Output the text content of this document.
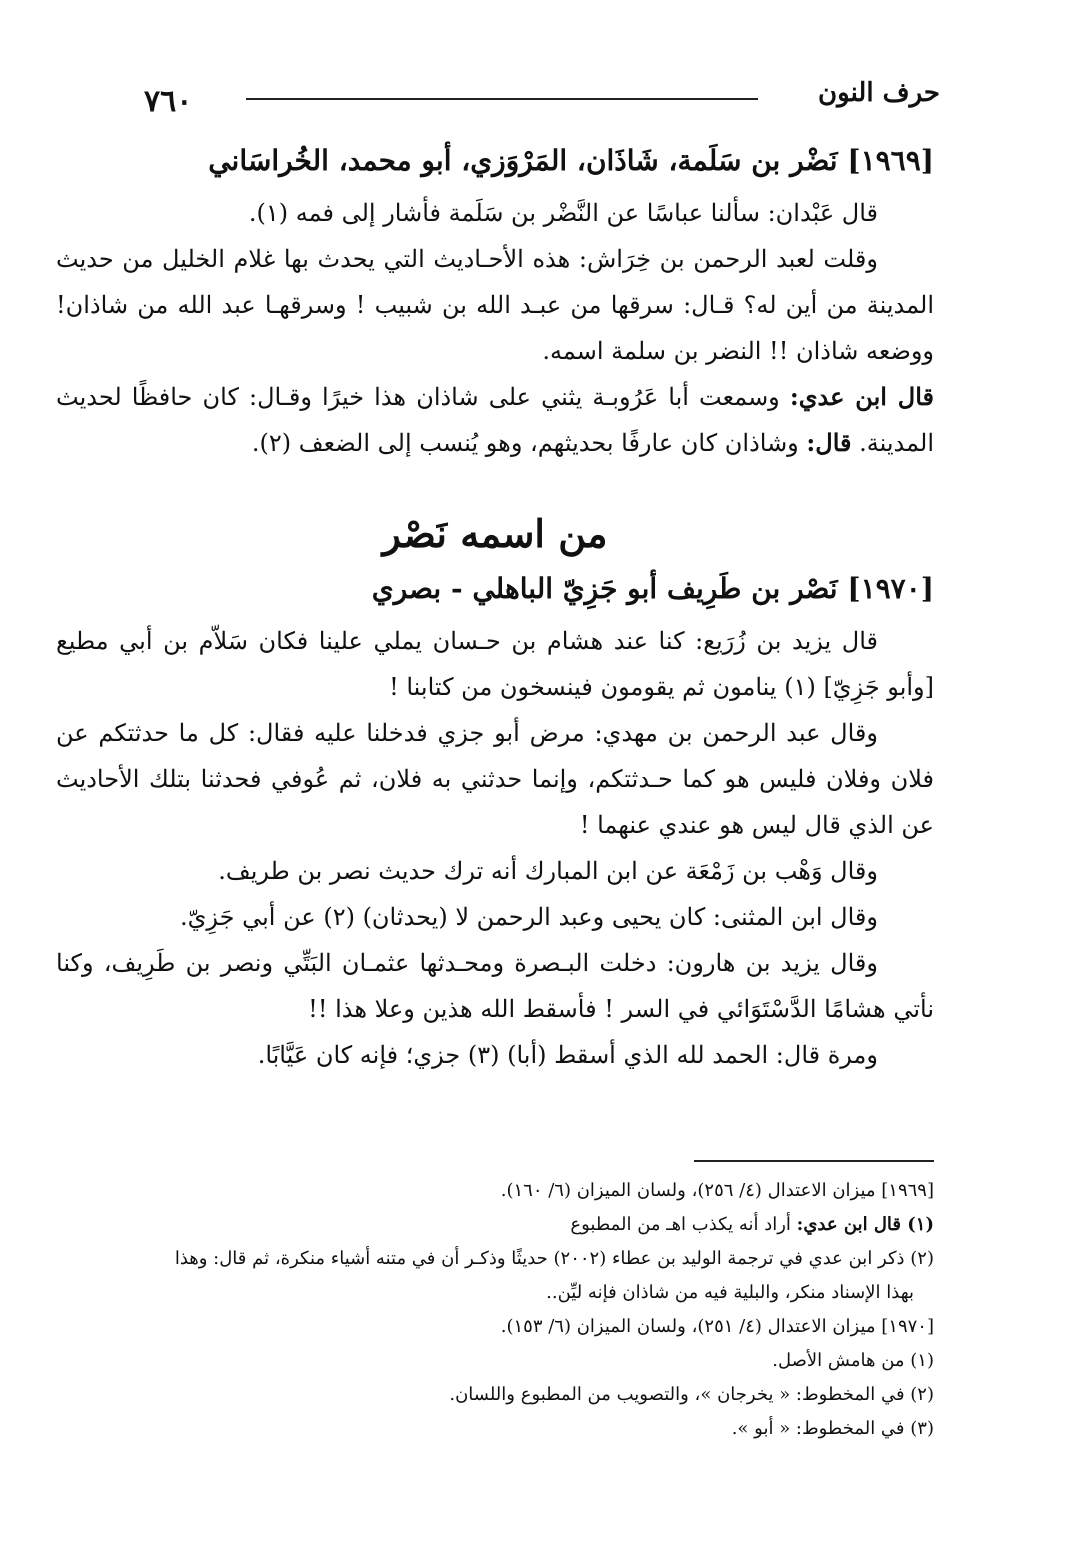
حرف النون
٧٦٠

[١٩٦٩] نَضْر بن سَلَمة، شَاذَان، المَرْوَزي، أبو محمد، الخُراسَاني

قال عَبْدان: سألنا عباسًا عن النَّضْر بن سَلَمة فأشار إلى فمه (١).

وقلت لعبد الرحمن بن خِرَاش: هذه الأحـاديث التي يحدث بها غلام الخليل من حديث المدينة من أين له؟ قـال: سرقها من عبـد الله بن شبيب ! وسرقهـا عبد الله من شاذان! ووضعه شاذان !! النضر بن سلمة اسمه.

قال ابن عدي: وسمعت أبا عَرُوبـة يثني على شاذان هذا خيرًا وقـال: كان حافظًا لحديث المدينة. قال: وشاذان كان عارفًا بحديثهم، وهو يُنسب إلى الضعف (٢).

من اسمه نَصْر

[١٩٧٠] نَصْر بن طَرِيف أبو جَزِيّ الباهلي - بصري

قال يزيد بن زُرَيع: كنا عند هشام بن حـسان يملي علينا فكان سَلاّم بن أبي مطيع [وأبو جَزِيّ] (١) ينامون ثم يقومون فينسخون من كتابنا !

وقال عبد الرحمن بن مهدي: مرض أبو جزي فدخلنا عليه فقال: كل ما حدثتكم عن فلان وفلان فليس هو كما حـدثتكم، وإنما حدثني به فلان، ثم عُوفي فحدثنا بتلك الأحاديث عن الذي قال ليس هو عندي عنهما !

وقال وَهْب بن زَمْعَة عن ابن المبارك أنه ترك حديث نصر بن طريف.

وقال ابن المثنى: كان يحيى وعبد الرحمن لا (يحدثان) (٢) عن أبي جَزِيّ.

وقال يزيد بن هارون: دخلت البـصرة ومحـدثها عثمـان البَتِّي ونصر بن طَرِيف، وكنا نأتي هشامًا الدَّسْتَوَائي في السر ! فأسقط الله هذين وعلا هذا !!

ومرة قال: الحمد لله الذي أسقط (أبا) (٣) جزي؛ فإنه كان عَيَّابًا.

[١٩٦٩] ميزان الاعتدال (٤/ ٢٥٦)، ولسان الميزان (٦/ ١٦٠).

(١) قال ابن عدي: أراد أنه يكذب اهـ من المطبوع

(٢) ذكر ابن عدي في ترجمة الوليد بن عطاء (٢٠٠٢) حديثًا وذكـر أن في متنه أشياء منكرة، ثم قال: وهذا

بهذا الإسناد منكر، والبلية فيه من شاذان فإنه ليِّن..

[١٩٧٠] ميزان الاعتدال (٤/ ٢٥١)، ولسان الميزان (٦/ ١٥٣).

(١) من هامش الأصل.

(٢) في المخطوط: « يخرجان »، والتصويب من المطبوع واللسان.

(٣) في المخطوط: « أبو ».
